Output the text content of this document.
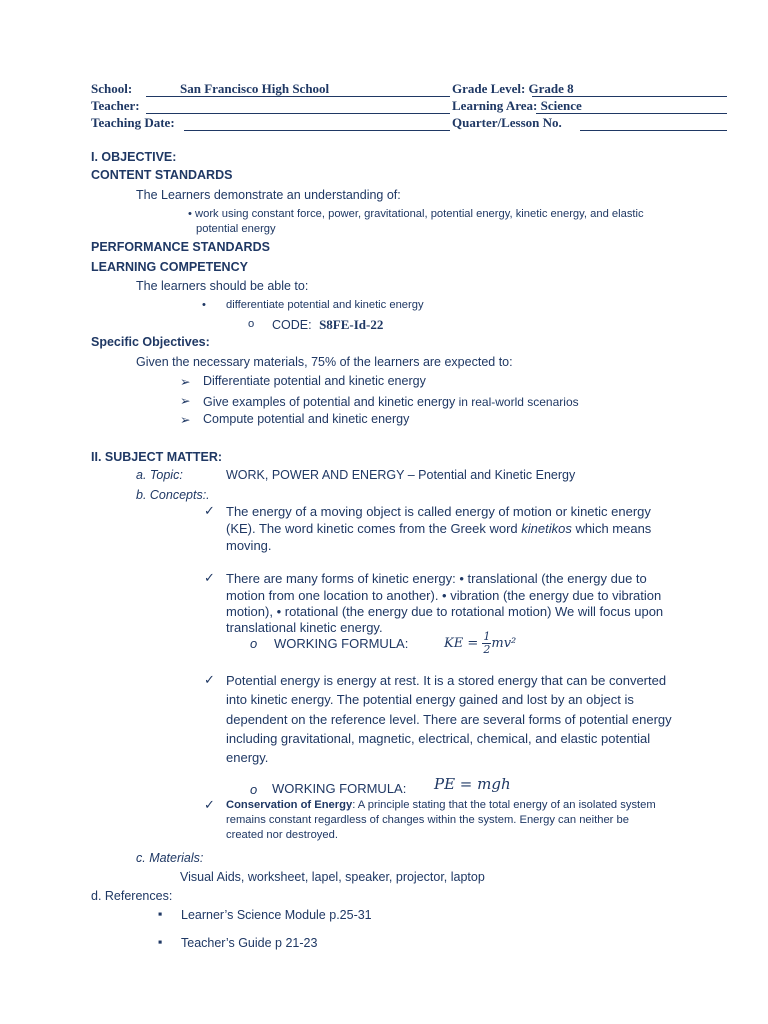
School:	San Francisco High School	Grade Level: Grade 8
Teacher:	Learning Area: Science
Teaching Date:	Quarter/Lesson No.
I. OBJECTIVE:
CONTENT STANDARDS
The Learners demonstrate an understanding of:
• work using constant force, power, gravitational, potential energy, kinetic energy, and elastic
potential energy
PERFORMANCE STANDARDS
LEARNING COMPETENCY
The learners should be able to:
• differentiate potential and kinetic energy
o CODE: S8FE-Id-22
Specific Objectives:
Given the necessary materials, 75% of the learners are expected to:
➢ Differentiate potential and kinetic energy
➢ Give examples of potential and kinetic energy in real-world scenarios
➢ Compute potential and kinetic energy
II. SUBJECT MATTER:
a. Topic:	WORK, POWER AND ENERGY – Potential and Kinetic Energy
b. Concepts:.
✓ The energy of a moving object is called energy of motion or kinetic energy
(KE). The word kinetic comes from the Greek word kinetikos which means
moving.
✓ There are many forms of kinetic energy: • translational (the energy due to
motion from one location to another). • vibration (the energy due to vibration
motion), • rotational (the energy due to rotational motion) We will focus upon
translational kinetic energy.
o WORKING FORMULA:	KE = $\frac{1}{2} mv^2$
✓ Potential energy is energy at rest. It is a stored energy that can be converted
into kinetic energy. The potential energy gained and lost by an object is
dependent on the reference level. There are several forms of potential energy
including gravitational, magnetic, electrical, chemical, and elastic potential
energy.
o WORKING FORMULA: PE = mgh
✓ Conservation of Energy: A principle stating that the total energy of an isolated system
remains constant regardless of changes within the system. Energy can neither be
created nor destroyed.
c. Materials:
Visual Aids, worksheet, lapel, speaker, projector, laptop
d. References:
▪ Learner’s Science Module p.25-31
▪ Teacher’s Guide p 21-23
